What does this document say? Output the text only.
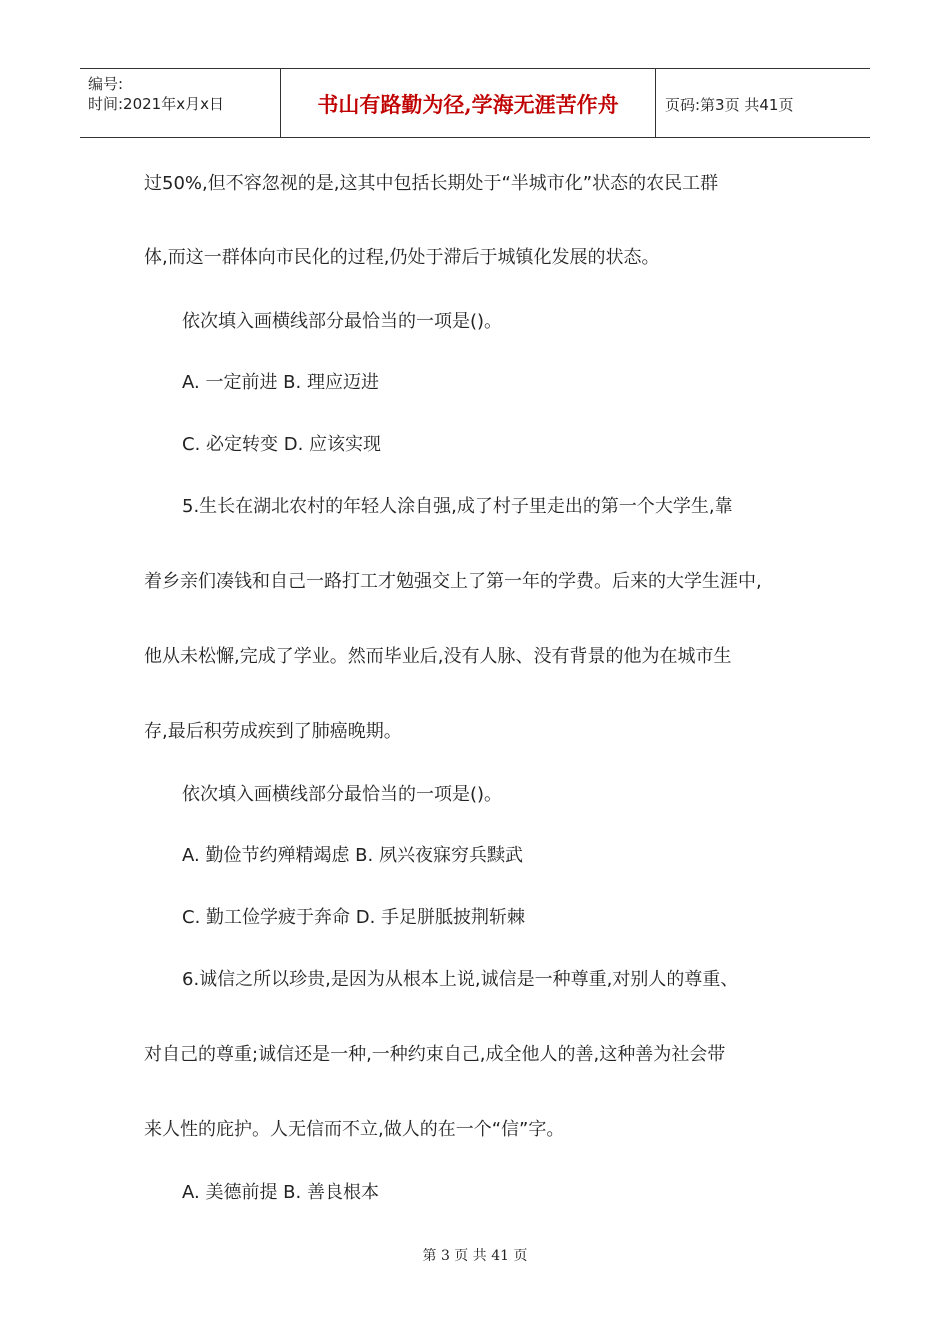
编号:
时间:2021年x月x日	书山有路勤为径,学海无涯苦作舟	页码:第3页 共41页
过50%,但不容忽视的是,这其中包括长期处于“半城市化”状态的农民工群
体,而这一群体向市民化的过程,仍处于滞后于城镇化发展的状态。
依次填入画横线部分最恰当的一项是()。
A. 一定前进 B. 理应迈进
C. 必定转变 D. 应该实现
5.生长在湖北农村的年轻人涂自强,成了村子里走出的第一个大学生,靠
着乡亲们凑钱和自己一路打工才勉强交上了第一年的学费。后来的大学生涯中,
他从未松懈,完成了学业。然而毕业后,没有人脉、没有背景的他为在城市生
存,最后积劳成疾到了肺癌晚期。
依次填入画横线部分最恰当的一项是()。
A. 勤俭节约殚精竭虑 B. 夙兴夜寐穷兵黩武
C. 勤工俭学疲于奔命 D. 手足胼胝披荆斩棘
6.诚信之所以珍贵,是因为从根本上说,诚信是一种尊重,对别人的尊重、
对自己的尊重;诚信还是一种,一种约束自己,成全他人的善,这种善为社会带
来人性的庇护。人无信而不立,做人的在一个“信”字。
A. 美德前提 B. 善良根本
第 3 页 共 41 页
